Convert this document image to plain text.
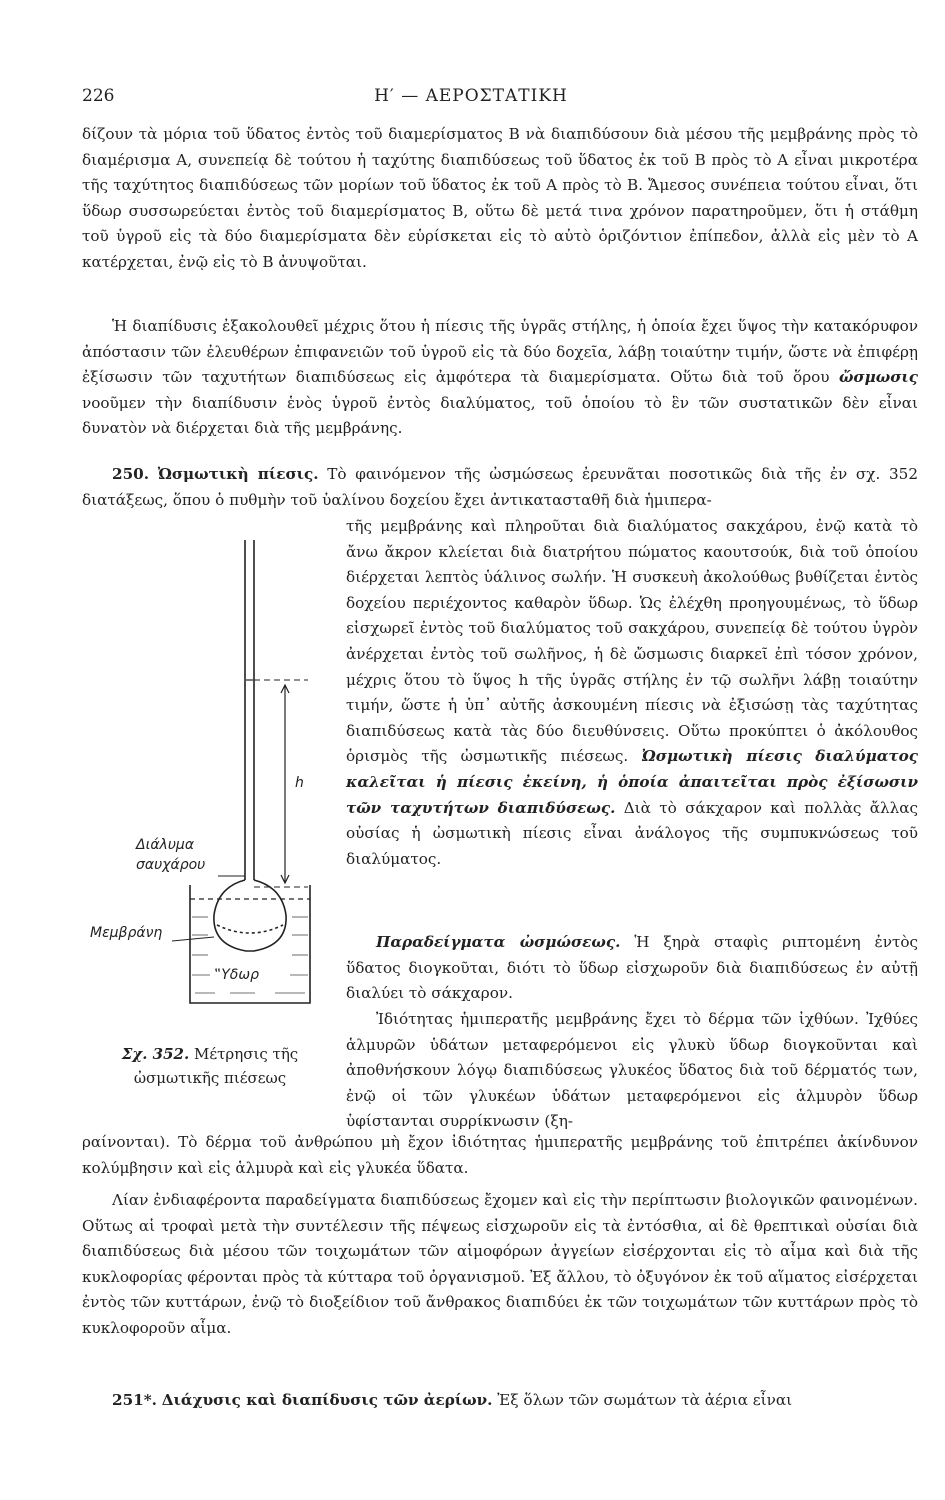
226	Η′ — ΑΕΡΟΣΤΑΤΙΚΗ

δίζουν τὰ μόρια τοῦ ὕδατος ἐντὸς τοῦ διαμερίσματος Β νὰ διαπιδύσουν διὰ μέσου τῆς μεμβράνης πρὸς τὸ διαμέρισμα Α, συνεπείᾳ δὲ τούτου ἡ ταχύτης διαπιδύσεως τοῦ ὕδατος ἐκ τοῦ Β πρὸς τὸ Α εἶναι μικροτέρα τῆς ταχύτητος διαπιδύσεως τῶν μορίων τοῦ ὕδατος ἐκ τοῦ Α πρὸς τὸ Β. Ἄμεσος συνέπεια τούτου εἶναι, ὅτι ὕδωρ συσσωρεύεται ἐντὸς τοῦ διαμερίσματος Β, οὕτω δὲ μετά τινα χρόνον παρατηροῦμεν, ὅτι ἡ στάθμη τοῦ ὑγροῦ εἰς τὰ δύο διαμερίσματα δὲν εὑρίσκεται εἰς τὸ αὐτὸ ὁριζόντιον ἐπίπεδον, ἀλλὰ εἰς μὲν τὸ Α κατέρχεται, ἐνῷ εἰς τὸ Β ἀνυψοῦται.

Ἡ διαπίδυσις ἐξακολουθεῖ μέχρις ὅτου ἡ πίεσις τῆς ὑγρᾶς στήλης, ἡ ὁποία ἔχει ὕψος τὴν κατακόρυφον ἀπόστασιν τῶν ἐλευθέρων ἐπιφανειῶν τοῦ ὑγροῦ εἰς τὰ δύο δοχεῖα, λάβῃ τοιαύτην τιμήν, ὥστε νὰ ἐπιφέρῃ ἐξίσωσιν τῶν ταχυτήτων διαπιδύσεως εἰς ἀμφότερα τὰ διαμερίσματα. Οὕτω διὰ τοῦ ὅρου ὤσμωσις νοοῦμεν τὴν διαπίδυσιν ἑνὸς ὑγροῦ ἐντὸς διαλύματος, τοῦ ὁποίου τὸ ἓν τῶν συστατικῶν δὲν εἶναι δυνατὸν νὰ διέρχεται διὰ τῆς μεμβράνης.

250. Ὠσμωτικὴ πίεσις. Τὸ φαινόμενον τῆς ὠσμώσεως ἐρευνᾶται ποσοτικῶς διὰ τῆς ἐν σχ. 352 διατάξεως, ὅπου ὁ πυθμὴν τοῦ ὑαλίνου δοχείου ἔχει ἀντικατασταθῆ διὰ ἡμιπερα-

τῆς μεμβράνης καὶ πληροῦται διὰ διαλύματος σακχάρου, ἐνῷ κατὰ τὸ ἄνω ἄκρον κλείεται διὰ διατρήτου πώματος καουτσούκ, διὰ τοῦ ὁποίου διέρχεται λεπτὸς ὑάλινος σωλήν. Ἡ συσκευὴ ἀκολούθως βυθίζεται ἐντὸς δοχείου περιέχοντος καθαρὸν ὕδωρ. Ὡς ἐλέχθη προηγουμένως, τὸ ὕδωρ εἰσχωρεῖ ἐντὸς τοῦ διαλύματος τοῦ σακχάρου, συνεπείᾳ δὲ τούτου ὑγρὸν ἀνέρχεται ἐντὸς τοῦ σωλῆνος, ἡ δὲ ὤσμωσις διαρκεῖ ἐπὶ τόσον χρόνον, μέχρις ὅτου τὸ ὕψος h τῆς ὑγρᾶς στήλης ἐν τῷ σωλῆνι λάβῃ τοιαύτην τιμήν, ὥστε ἡ ὑπ᾿ αὐτῆς ἀσκουμένη πίεσις νὰ ἐξισώσῃ τὰς ταχύτητας διαπιδύσεως κατὰ τὰς δύο διευθύνσεις. Οὕτω προκύπτει ὁ ἀκόλουθος ὁρισμὸς τῆς ὠσμωτικῆς πιέσεως. Ὠσμωτικὴ πίεσις διαλύματος καλεῖται ἡ πίεσις ἐκείνη, ἡ ὁποία ἀπαιτεῖται πρὸς ἐξίσωσιν τῶν ταχυτήτων διαπιδύσεως. Διὰ τὸ σάκχαρον καὶ πολλὰς ἄλλας οὐσίας ἡ ὠσμωτικὴ πίεσις εἶναι ἀνάλογος τῆς συμπυκνώσεως τοῦ διαλύματος.

Παραδείγματα ὠσμώσεως. Ἡ ξηρὰ σταφὶς ριπτομένη ἐντὸς ὕδατος διογκοῦται, διότι τὸ ὕδωρ εἰσχωροῦν διὰ διαπιδύσεως ἐν αὐτῇ διαλύει τὸ σάκχαρον.

Ἰδιότητας ἡμιπερατῆς μεμβράνης ἔχει τὸ δέρμα τῶν ἰχθύων. Ἰχθύες ἁλμυρῶν ὑδάτων μεταφερόμενοι εἰς γλυκὺ ὕδωρ διογκοῦνται καὶ ἀποθνήσκουν λόγῳ διαπιδύσεως γλυκέος ὕδατος διὰ τοῦ δέρματός των, ἐνῷ οἱ τῶν γλυκέων ὑδάτων μεταφερόμενοι εἰς ἁλμυρὸν ὕδωρ ὑφίστανται συρρίκνωσιν (ξη-

ραίνονται). Τὸ δέρμα τοῦ ἀνθρώπου μὴ ἔχον ἰδιότητας ἡμιπερατῆς μεμβράνης τοῦ ἐπιτρέπει ἀκίνδυνον κολύμβησιν καὶ εἰς ἁλμυρὰ καὶ εἰς γλυκέα ὕδατα.

Λίαν ἐνδιαφέροντα παραδείγματα διαπιδύσεως ἔχομεν καὶ εἰς τὴν περίπτωσιν βιολογικῶν φαινομένων. Οὕτως αἱ τροφαὶ μετὰ τὴν συντέλεσιν τῆς πέψεως εἰσχωροῦν εἰς τὰ ἐντόσθια, αἱ δὲ θρεπτικαὶ οὐσίαι διὰ διαπιδύσεως διὰ μέσου τῶν τοιχωμάτων τῶν αἱμοφόρων ἀγγείων εἰσέρχονται εἰς τὸ αἷμα καὶ διὰ τῆς κυκλοφορίας φέρονται πρὸς τὰ κύτταρα τοῦ ὀργανισμοῦ. Ἐξ ἄλλου, τὸ ὀξυγόνον ἐκ τοῦ αἵματος εἰσέρχεται ἐντὸς τῶν κυττάρων, ἐνῷ τὸ διοξείδιον τοῦ ἄνθρακος διαπιδύει ἐκ τῶν τοιχωμάτων τῶν κυττάρων πρὸς τὸ κυκλοφοροῦν αἷμα.

251*. Διάχυσις καὶ διαπίδυσις τῶν ἀερίων. Ἐξ ὅλων τῶν σωμάτων τὰ ἀέρια εἶναι

Διάλυμα
σαυχάρου
Μεμβράνη
‟Υδωρ
h
Σχ. 352. Μέτρησις τῆς
ὠσμωτικῆς πιέσεως
